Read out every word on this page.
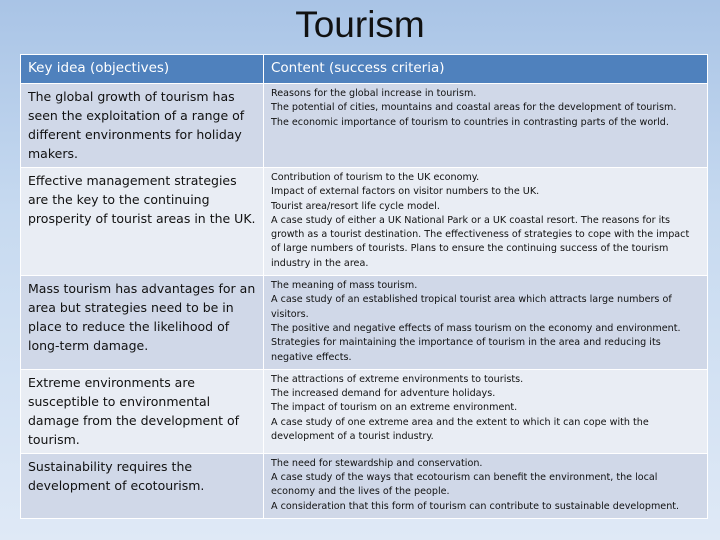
Tourism
Key idea (objectives)	Content (success criteria)
The global growth of tourism has seen the exploitation of a range of different environments for holiday makers.	Reasons for the global increase in tourism.
The potential of cities, mountains and coastal areas for the development of tourism.
The economic importance of tourism to countries in contrasting parts of the world.

Effective management strategies are the key to the continuing prosperity of tourist areas in the UK.	Contribution of tourism to the UK economy.
Impact of external factors on visitor numbers to the UK.
Tourist area/resort life cycle model.
A case study of either a UK National Park or a UK coastal resort. The reasons for its growth as a tourist destination. The effectiveness of strategies to cope with the impact of large numbers of tourists. Plans to ensure the continuing success of the tourism industry in the area.

Mass tourism has advantages for an area but strategies need to be in place to reduce the likelihood of long-term damage.	The meaning of mass tourism.
A case study of an established tropical tourist area which attracts large numbers of visitors.
The positive and negative effects of mass tourism on the economy and environment.
Strategies for maintaining the importance of tourism in the area and reducing its negative effects.

Extreme environments are susceptible to environmental damage from the development of tourism.	The attractions of extreme environments to tourists.
The increased demand for adventure holidays.
The impact of tourism on an extreme environment.
A case study of one extreme area and the extent to which it can cope with the development of a tourist industry.

Sustainability requires the development of ecotourism.	The need for stewardship and conservation.
A case study of the ways that ecotourism can benefit the environment, the local economy and the lives of the people.
A consideration that this form of tourism can contribute to sustainable development.
